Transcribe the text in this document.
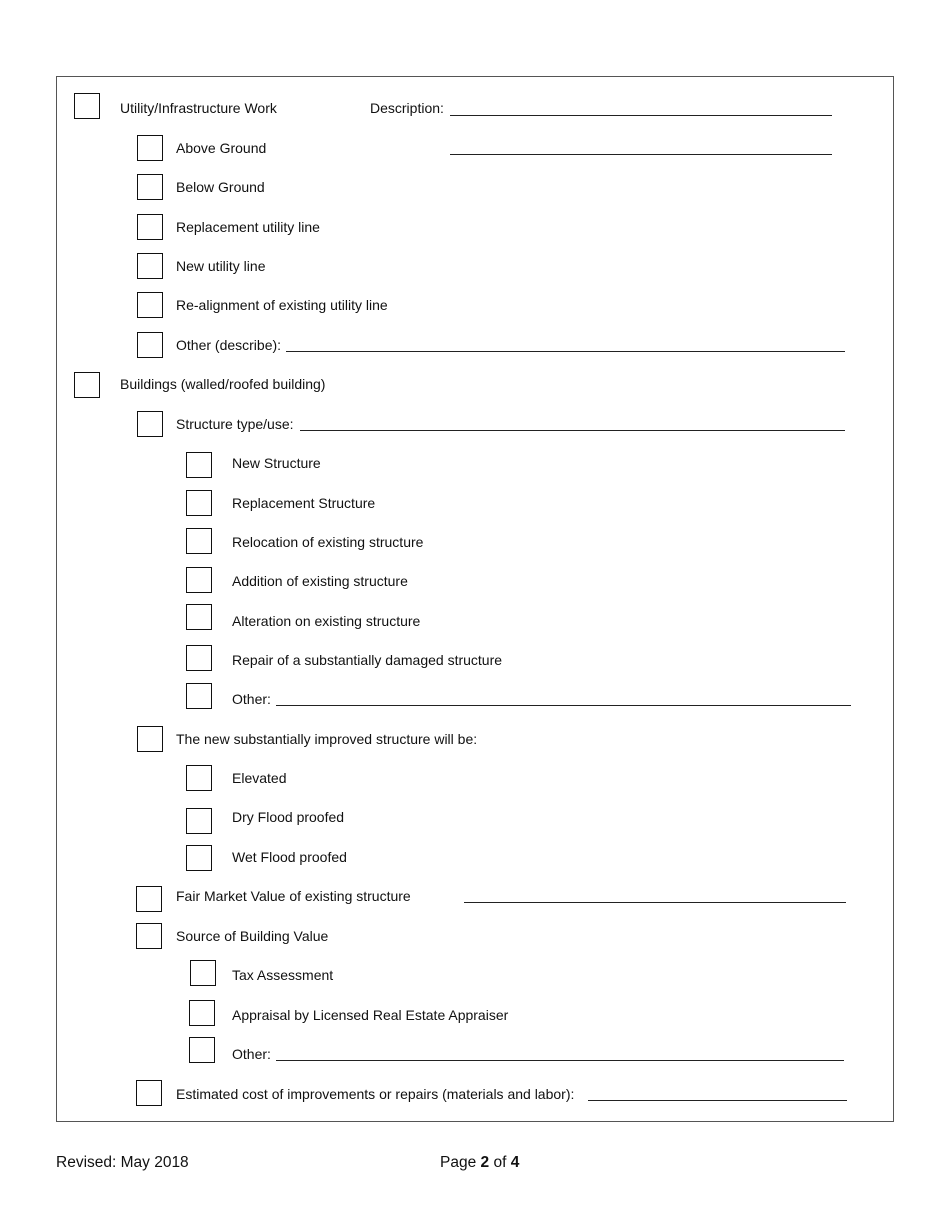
Utility/Infrastructure Work	Description:
Above Ground
Below Ground
Replacement utility line
New utility line
Re-alignment of existing utility line
Other (describe):
Buildings (walled/roofed building)
Structure type/use:
New Structure
Replacement Structure
Relocation of existing structure
Addition of existing structure
Alteration on existing structure
Repair of a substantially damaged structure
Other:
The new substantially improved structure will be:
Elevated
Dry Flood proofed
Wet Flood proofed
Fair Market Value of existing structure
Source of Building Value
Tax Assessment
Appraisal by Licensed Real Estate Appraiser
Other:
Estimated cost of improvements or repairs (materials and labor):
Revised: May 2018	Page 2 of 4
